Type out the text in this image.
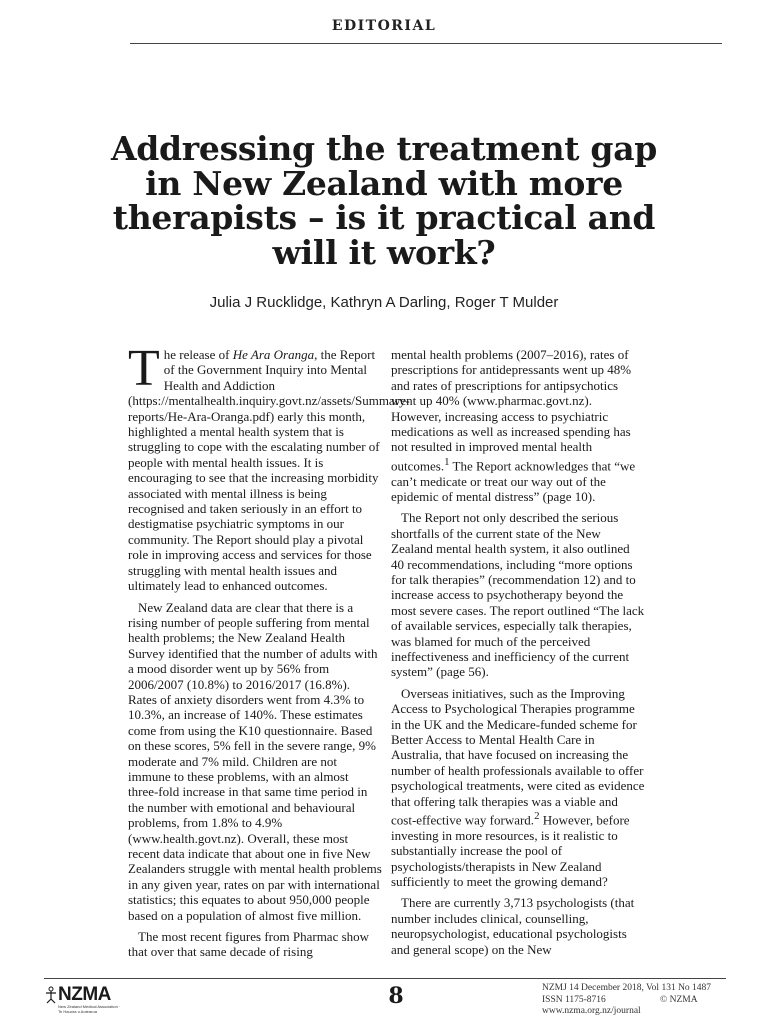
EDITORIAL
Addressing the treatment gap in New Zealand with more therapists – is it practical and will it work?
Julia J Rucklidge, Kathryn A Darling, Roger T Mulder

The release of He Ara Oranga, the Report of the Government Inquiry into Mental Health and Addiction (https://mentalhealth.inquiry.govt.nz/assets/Summary-reports/He-Ara-Oranga.pdf) early this month, highlighted a mental health system that is struggling to cope with the escalating number of people with mental health issues. It is encouraging to see that the increasing morbidity associated with mental illness is being recognised and taken seriously in an effort to destigmatise psychiatric symptoms in our community. The Report should play a pivotal role in improving access and services for those struggling with mental health issues and ultimately lead to enhanced outcomes.

New Zealand data are clear that there is a rising number of people suffering from mental health problems; the New Zealand Health Survey identified that the number of adults with a mood disorder went up by 56% from 2006/2007 (10.8%) to 2016/2017 (16.8%). Rates of anxiety disorders went from 4.3% to 10.3%, an increase of 140%. These estimates come from using the K10 questionnaire. Based on these scores, 5% fell in the severe range, 9% moderate and 7% mild. Children are not immune to these problems, with an almost three-fold increase in that same time period in the number with emotional and behavioural problems, from 1.8% to 4.9% (www.health.govt.nz). Overall, these most recent data indicate that about one in five New Zealanders struggle with mental health problems in any given year, rates on par with international statistics; this equates to about 950,000 people based on a population of almost five million.

The most recent figures from Pharmac show that over that same decade of rising

mental health problems (2007–2016), rates of prescriptions for antidepressants went up 48% and rates of prescriptions for antipsychotics went up 40% (www.pharmac.govt.nz). However, increasing access to psychiatric medications as well as increased spending has not resulted in improved mental health outcomes.$^1$ The Report acknowledges that “we can’t medicate or treat our way out of the epidemic of mental distress” (page 10).

The Report not only described the serious shortfalls of the current state of the New Zealand mental health system, it also outlined 40 recommendations, including “more options for talk therapies” (recommendation 12) and to increase access to psychotherapy beyond the most severe cases. The report outlined “The lack of available services, especially talk therapies, was blamed for much of the perceived ineffectiveness and inefficiency of the current system” (page 56).

Overseas initiatives, such as the Improving Access to Psychological Therapies programme in the UK and the Medicare-funded scheme for Better Access to Mental Health Care in Australia, that have focused on increasing the number of health professionals available to offer psychological treatments, were cited as evidence that offering talk therapies was a viable and cost-effective way forward.$^2$ However, before investing in more resources, is it realistic to substantially increase the pool of psychologists/therapists in New Zealand sufficiently to meet the growing demand?

There are currently 3,713 psychologists (that number includes clinical, counselling, neuropsychologist, educational psychologists and general scope) on the New

NZMA
New Zealand Medical Association · Te Hauora o Aotearoa
8	NZMJ 14 December 2018, Vol 131 No 1487
ISSN 1175-8716	© NZMA
www.nzma.org.nz/journal
